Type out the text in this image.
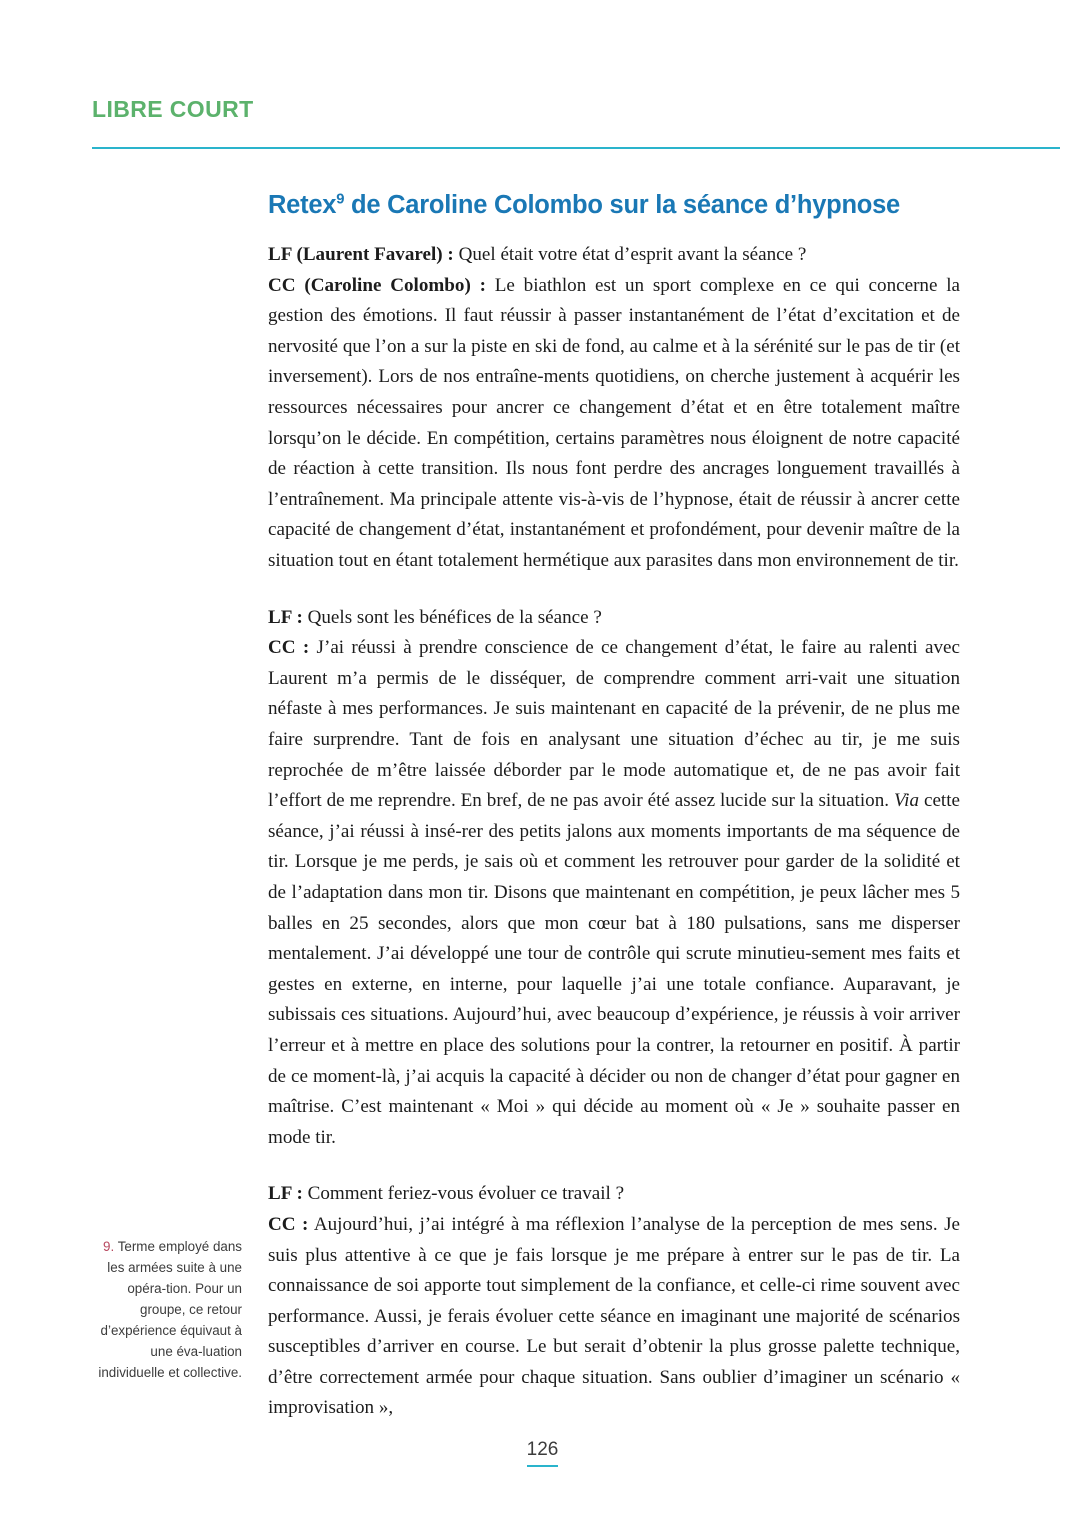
LIBRE COURT
Retex$^9$ de Caroline Colombo sur la séance d’hypnose

LF (Laurent Favarel) : Quel était votre état d’esprit avant la séance ?

CC (Caroline Colombo) : Le biathlon est un sport complexe en ce qui concerne la gestion des émotions. Il faut réussir à passer instantanément de l’état d’excitation et de nervosité que l’on a sur la piste en ski de fond, au calme et à la sérénité sur le pas de tir (et inversement). Lors de nos entraîne-ments quotidiens, on cherche justement à acquérir les ressources nécessaires pour ancrer ce changement d’état et en être totalement maître lorsqu’on le décide. En compétition, certains paramètres nous éloignent de notre capacité de réaction à cette transition. Ils nous font perdre des ancrages longuement travaillés à l’entraînement. Ma principale attente vis-à-vis de l’hypnose, était de réussir à ancrer cette capacité de changement d’état, instantanément et profondément, pour devenir maître de la situation tout en étant totalement hermétique aux parasites dans mon environnement de tir.

LF : Quels sont les bénéfices de la séance ?

CC : J’ai réussi à prendre conscience de ce changement d’état, le faire au ralenti avec Laurent m’a permis de le disséquer, de comprendre comment arri-vait une situation néfaste à mes performances. Je suis maintenant en capacité de la prévenir, de ne plus me faire surprendre. Tant de fois en analysant une situation d’échec au tir, je me suis reprochée de m’être laissée déborder par le mode automatique et, de ne pas avoir fait l’effort de me reprendre. En bref, de ne pas avoir été assez lucide sur la situation. Via cette séance, j’ai réussi à insé-rer des petits jalons aux moments importants de ma séquence de tir. Lorsque je me perds, je sais où et comment les retrouver pour garder de la solidité et de l’adaptation dans mon tir. Disons que maintenant en compétition, je peux lâcher mes 5 balles en 25 secondes, alors que mon cœur bat à 180 pulsations, sans me disperser mentalement. J’ai développé une tour de contrôle qui scrute minutieu-sement mes faits et gestes en externe, en interne, pour laquelle j’ai une totale confiance. Auparavant, je subissais ces situations. Aujourd’hui, avec beaucoup d’expérience, je réussis à voir arriver l’erreur et à mettre en place des solutions pour la contrer, la retourner en positif. À partir de ce moment-là, j’ai acquis la capacité à décider ou non de changer d’état pour gagner en maîtrise. C’est maintenant « Moi » qui décide au moment où « Je » souhaite passer en mode tir.

LF : Comment feriez-vous évoluer ce travail ?

CC : Aujourd’hui, j’ai intégré à ma réflexion l’analyse de la perception de mes sens. Je suis plus attentive à ce que je fais lorsque je me prépare à entrer sur le pas de tir. La connaissance de soi apporte tout simplement de la confiance, et celle-ci rime souvent avec performance. Aussi, je ferais évoluer cette séance en imaginant une majorité de scénarios susceptibles d’arriver en course. Le but serait d’obtenir la plus grosse palette technique, d’être correctement armée pour chaque situation. Sans oublier d’imaginer un scénario « improvisation »,

9. Terme employé dans les armées suite à une opéra-tion. Pour un groupe, ce retour d’expérience équivaut à une éva-luation individuelle et collective.
126
